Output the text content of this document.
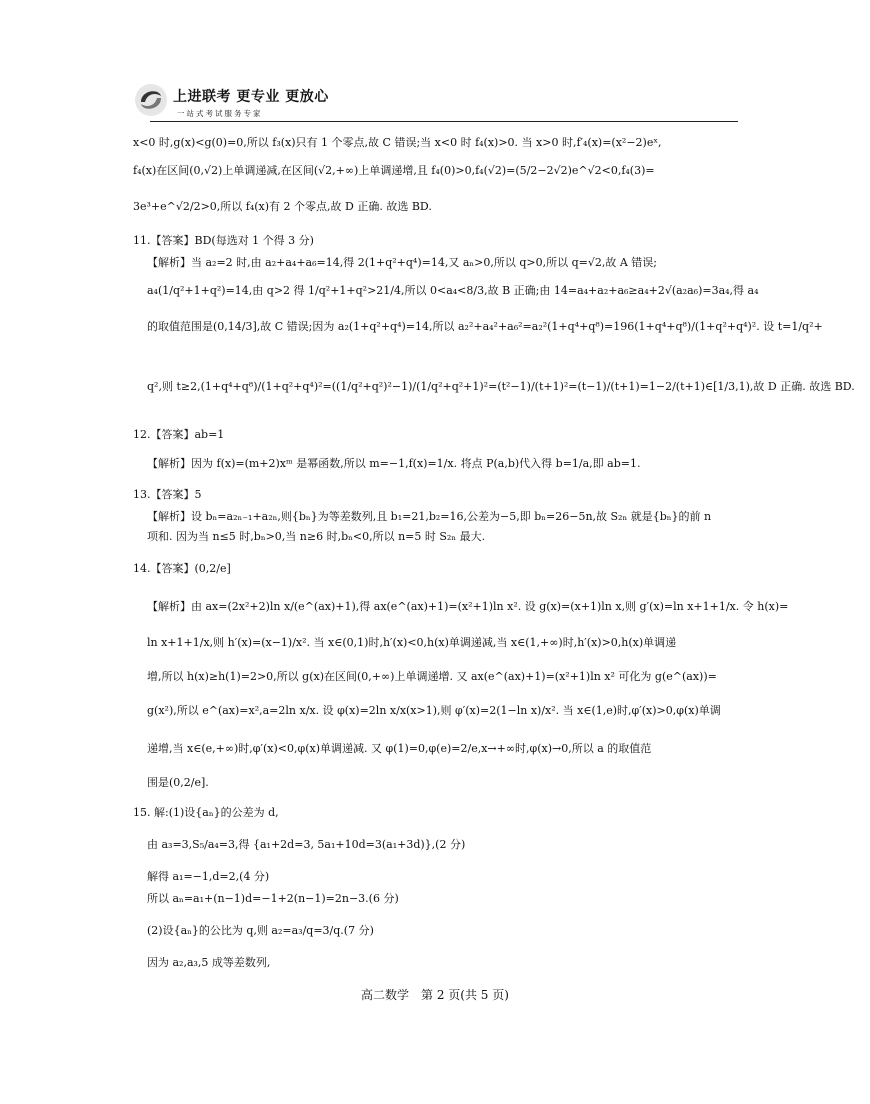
上进联考 更专业 更放心
一站式考试服务专家
x<0 时,g(x)<g(0)=0,所以 f₃(x)只有 1 个零点,故 C 错误;当 x<0 时 f₄(x)>0. 当 x>0 时,f′₄(x)=(x²−2)eˣ,
f₄(x)在区间(0,√2)上单调递减,在区间(√2,+∞)上单调递增,且 f₄(0)>0,f₄(√2)=(5/2−2√2)e^√2<0,f₄(3)=
3e³+e^√2/2>0,所以 f₄(x)有 2 个零点,故 D 正确. 故选 BD.
11.【答案】BD(每选对 1 个得 3 分)
【解析】当 a₂=2 时,由 a₂+a₄+a₆=14,得 2(1+q²+q⁴)=14,又 aₙ>0,所以 q>0,所以 q=√2,故 A 错误;
a₄(1/q²+1+q²)=14,由 q>2 得 1/q²+1+q²>21/4,所以 0<a₄<8/3,故 B 正确;由 14=a₄+a₂+a₆≥a₄+2√(a₂a₆)=3a₄,得 a₄
的取值范围是(0,14/3],故 C 错误;因为 a₂(1+q²+q⁴)=14,所以 a₂²+a₄²+a₆²=a₂²(1+q⁴+q⁸)=196(1+q⁴+q⁸)/(1+q²+q⁴)². 设 t=1/q²+
q²,则 t≥2,(1+q⁴+q⁸)/(1+q²+q⁴)²=((1/q²+q²)²−1)/(1/q²+q²+1)²=(t²−1)/(t+1)²=(t−1)/(t+1)=1−2/(t+1)∈[1/3,1),故 D 正确. 故选 BD.
12.【答案】ab=1
【解析】因为 f(x)=(m+2)xᵐ 是幂函数,所以 m=−1,f(x)=1/x. 将点 P(a,b)代入得 b=1/a,即 ab=1.
13.【答案】5
【解析】设 bₙ=a₂ₙ₋₁+a₂ₙ,则{bₙ}为等差数列,且 b₁=21,b₂=16,公差为−5,即 bₙ=26−5n,故 S₂ₙ 就是{bₙ}的前 n
项和. 因为当 n≤5 时,bₙ>0,当 n≥6 时,bₙ<0,所以 n=5 时 S₂ₙ 最大.
14.【答案】(0,2/e]
【解析】由 ax=(2x²+2)ln x/(e^(ax)+1),得 ax(e^(ax)+1)=(x²+1)ln x². 设 g(x)=(x+1)ln x,则 g′(x)=ln x+1+1/x. 令 h(x)=
ln x+1+1/x,则 h′(x)=(x−1)/x². 当 x∈(0,1)时,h′(x)<0,h(x)单调递减,当 x∈(1,+∞)时,h′(x)>0,h(x)单调递
增,所以 h(x)≥h(1)=2>0,所以 g(x)在区间(0,+∞)上单调递增. 又 ax(e^(ax)+1)=(x²+1)ln x² 可化为 g(e^(ax))=
g(x²),所以 e^(ax)=x²,a=2ln x/x. 设 φ(x)=2ln x/x(x>1),则 φ′(x)=2(1−ln x)/x². 当 x∈(1,e)时,φ′(x)>0,φ(x)单调
递增,当 x∈(e,+∞)时,φ′(x)<0,φ(x)单调递减. 又 φ(1)=0,φ(e)=2/e,x→+∞时,φ(x)→0,所以 a 的取值范
围是(0,2/e].
15. 解:(1)设{aₙ}的公差为 d,
由 a₃=3,S₅/a₄=3,得 {a₁+2d=3, 5a₁+10d=3(a₁+3d)},(2 分)
解得 a₁=−1,d=2,(4 分)
所以 aₙ=a₁+(n−1)d=−1+2(n−1)=2n−3.(6 分)
(2)设{aₙ}的公比为 q,则 a₂=a₃/q=3/q.(7 分)
因为 a₂,a₃,5 成等差数列,
高二数学　第 2 页(共 5 页)
